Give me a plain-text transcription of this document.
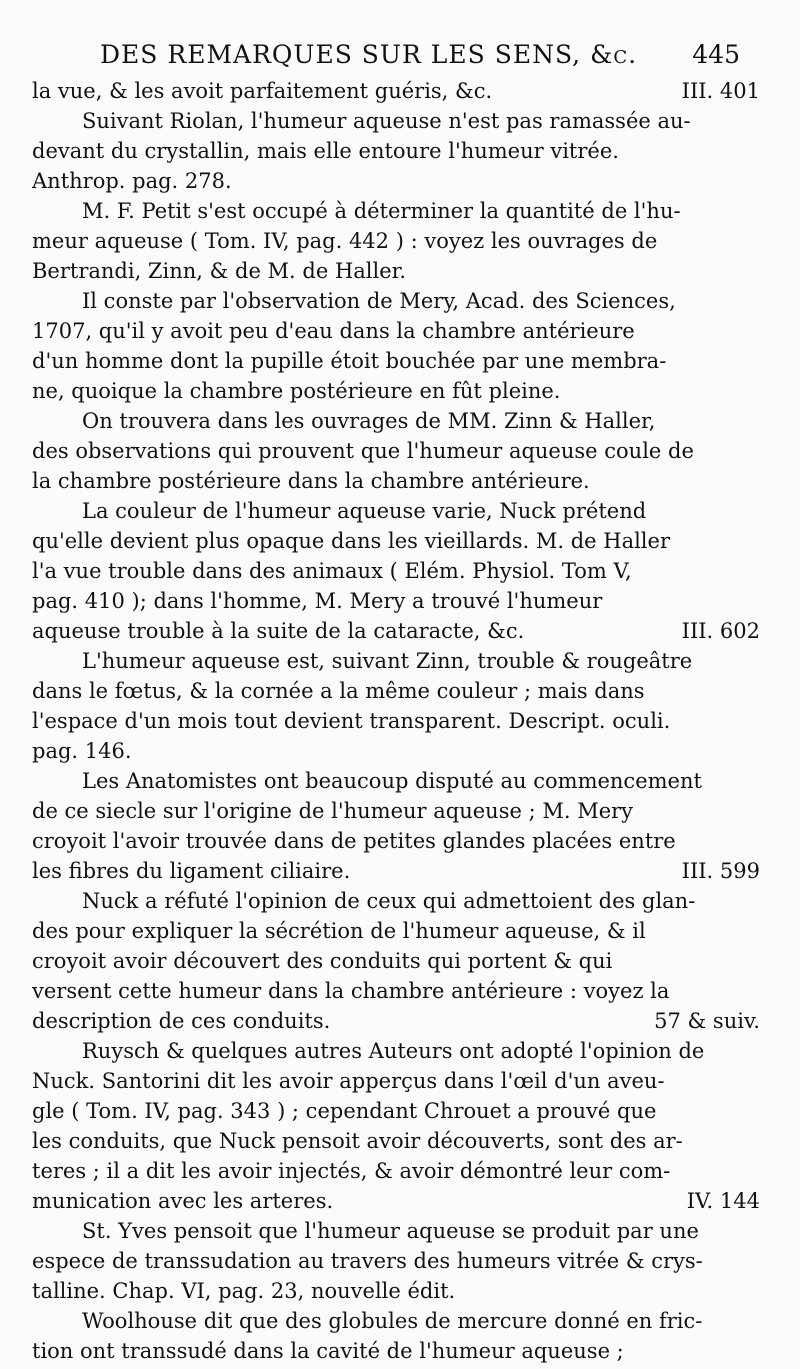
DES REMARQUES SUR LES SENS, &c. 445
la vue, & les avoit parfaitement guéris, &c.	III. 401
Suivant Riolan, l'humeur aqueuse n'est pas ramassée au-
devant du crystallin, mais elle entoure l'humeur vitrée.
Anthrop. pag. 278.
M. F. Petit s'est occupé à déterminer la quantité de l'hu-
meur aqueuse ( Tom. IV, pag. 442 ) : voyez les ouvrages de
Bertrandi, Zinn, & de M. de Haller.
Il conste par l'observation de Mery, Acad. des Sciences,
1707, qu'il y avoit peu d'eau dans la chambre antérieure
d'un homme dont la pupille étoit bouchée par une membra-
ne, quoique la chambre postérieure en fût pleine.
On trouvera dans les ouvrages de MM. Zinn & Haller,
des observations qui prouvent que l'humeur aqueuse coule de
la chambre postérieure dans la chambre antérieure.
La couleur de l'humeur aqueuse varie, Nuck prétend
qu'elle devient plus opaque dans les vieillards. M. de Haller
l'a vue trouble dans des animaux ( Elém. Physiol. Tom V,
pag. 410 ); dans l'homme, M. Mery a trouvé l'humeur
aqueuse trouble à la suite de la cataracte, &c.	III. 602
L'humeur aqueuse est, suivant Zinn, trouble & rougeâtre
dans le fœtus, & la cornée a la même couleur ; mais dans
l'espace d'un mois tout devient transparent. Descript. oculi.
pag. 146.
Les Anatomistes ont beaucoup disputé au commencement
de ce siecle sur l'origine de l'humeur aqueuse ; M. Mery
croyoit l'avoir trouvée dans de petites glandes placées entre
les fibres du ligament ciliaire.	III. 599
Nuck a réfuté l'opinion de ceux qui admettoient des glan-
des pour expliquer la sécrétion de l'humeur aqueuse, & il
croyoit avoir découvert des conduits qui portent & qui
versent cette humeur dans la chambre antérieure : voyez la
description de ces conduits.	57 & suiv.
Ruysch & quelques autres Auteurs ont adopté l'opinion de
Nuck. Santorini dit les avoir apperçus dans l'œil d'un aveu-
gle ( Tom. IV, pag. 343 ) ; cependant Chrouet a prouvé que
les conduits, que Nuck pensoit avoir découverts, sont des ar-
teres ; il a dit les avoir injectés, & avoir démontré leur com-
munication avec les arteres.	IV. 144
St. Yves pensoit que l'humeur aqueuse se produit par une
espece de transsudation au travers des humeurs vitrée & crys-
talline. Chap. VI, pag. 23, nouvelle édit.
Woolhouse dit que des globules de mercure donné en fric-
tion ont transsudé dans la cavité de l'humeur aqueuse ;
